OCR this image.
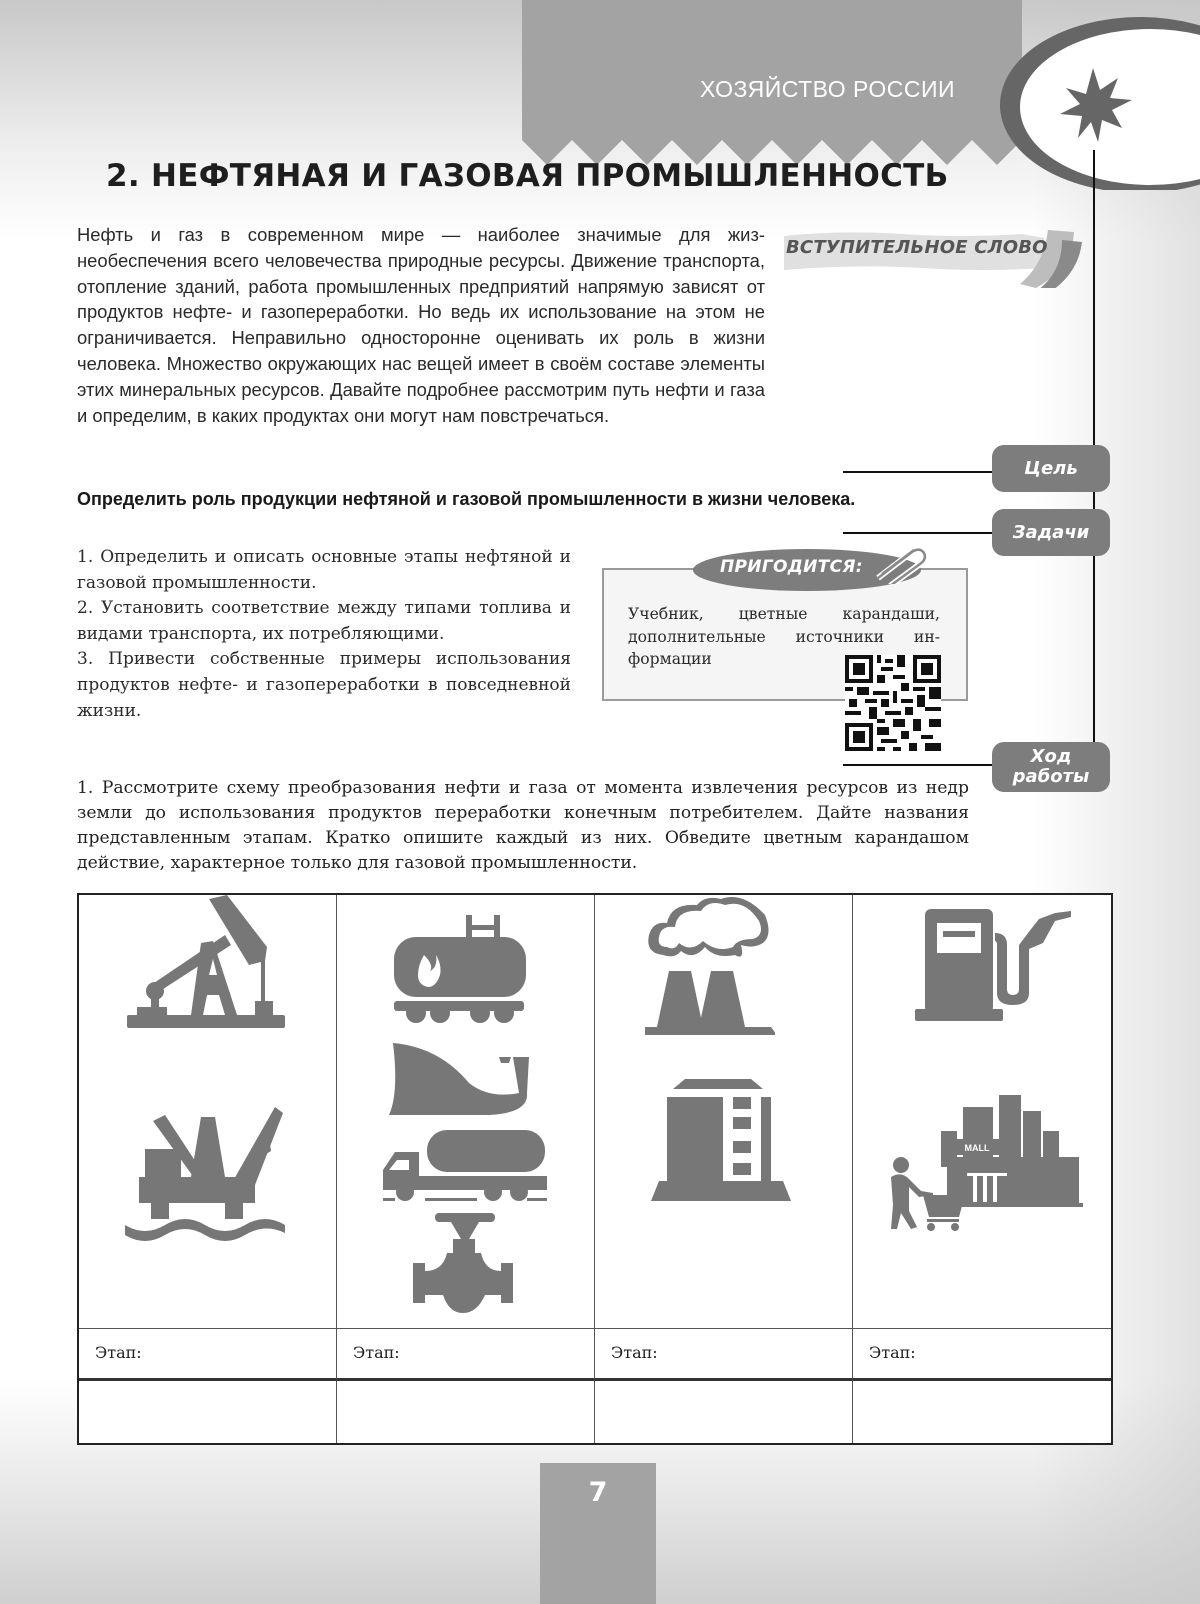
ХОЗЯЙСТВО РОССИИ
2. НЕФТЯНАЯ И ГАЗОВАЯ ПРОМЫШЛЕННОСТЬ

Нефть и газ в современном мире — наиболее значимые для жизнеобеспечения всего человечества природные ресурсы. Движение транспорта, отопление зданий, работа промышленных предприятий напрямую зависят от продуктов нефте- и газопереработки. Но ведь их использование на этом не ограничивается. Неправильно односторонне оценивать их роль в жизни человека. Множество окружающих нас вещей имеет в своём составе элементы этих минеральных ресурсов. Давайте подробнее рассмотрим путь нефти и газа и определим, в каких продуктах они могут нам повстречаться.

ВСТУПИТЕЛЬНОЕ СЛОВО
Цель

Определить роль продукции нефтяной и газовой промышленности в жизни человека.

Задачи

1. Определить и описать основные этапы нефтяной и газовой промышленности.

2. Установить соответствие между типами топлива и видами транспорта, их потребляющими.

3. Привести собственные примеры использования продуктов нефте- и газопереработки в повседневной жизни.

ПРИГОДИТСЯ:

Учебник, цветные карандаши, дополнительные источники информации

Ход
работы

1. Рассмотрите схему преобразования нефти и газа от момента извлечения ресурсов из недр земли до использования продуктов переработки конечным потребителем. Дайте названия представленным этапам. Кратко опишите каждый из них. Обведите цветным карандашом действие, характерное только для газовой промышленности.

MALL
Этап:	Этап:	Этап:	Этап:
7
